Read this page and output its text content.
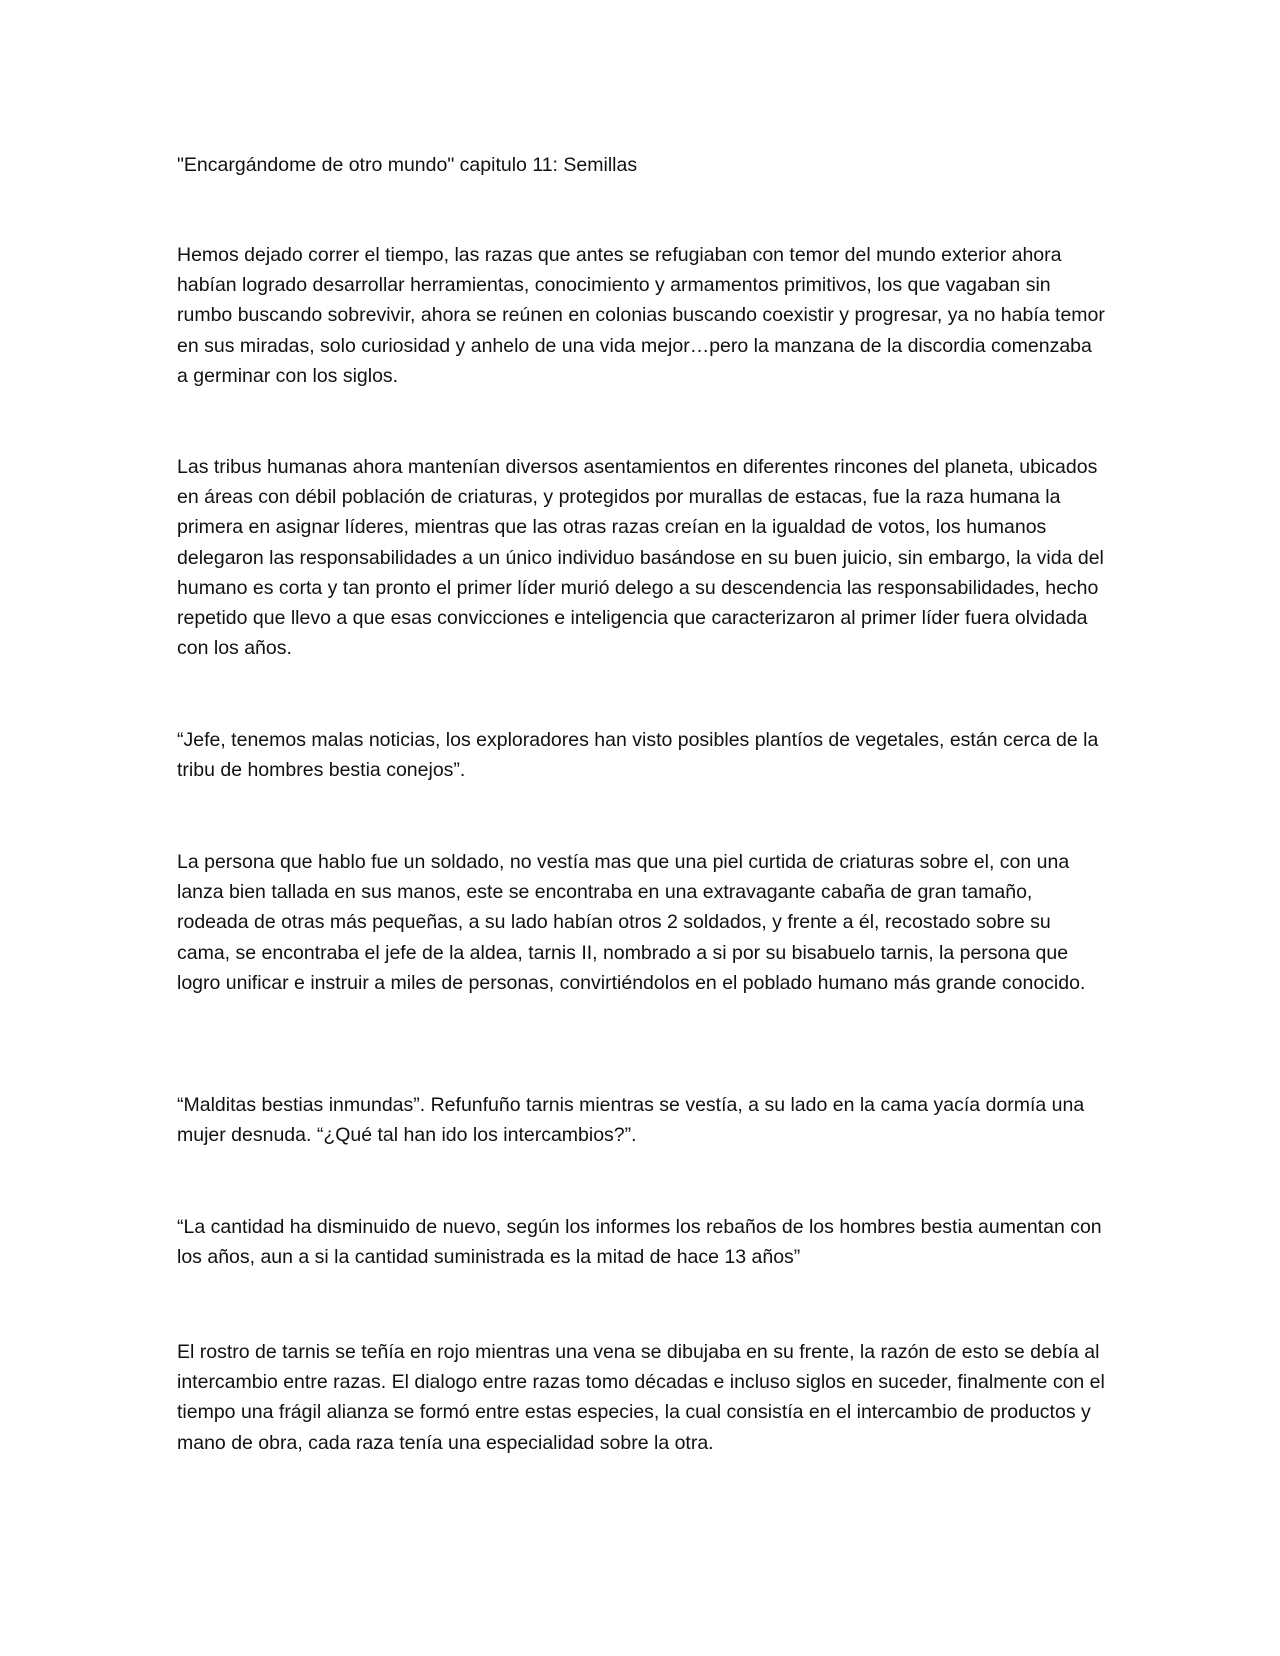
"Encargándome de otro mundo" capitulo 11: Semillas

Hemos dejado correr el tiempo, las razas que antes se refugiaban con temor del mundo exterior ahora habían logrado desarrollar herramientas, conocimiento y armamentos primitivos, los que vagaban sin rumbo buscando sobrevivir, ahora se reúnen en colonias buscando coexistir y progresar, ya no había temor en sus miradas, solo curiosidad y anhelo de una vida mejor…pero la manzana de la discordia comenzaba a germinar con los siglos.

Las tribus humanas ahora mantenían diversos asentamientos en diferentes rincones del planeta, ubicados en áreas con débil población de criaturas, y protegidos por murallas de estacas, fue la raza humana la primera en asignar líderes, mientras que las otras razas creían en la igualdad de votos, los humanos delegaron las responsabilidades a un único individuo basándose en su buen juicio, sin embargo, la vida del humano es corta y tan pronto el primer líder murió delego a su descendencia las responsabilidades, hecho repetido que llevo a que esas convicciones e inteligencia que caracterizaron al primer líder fuera olvidada con los años.

“Jefe, tenemos malas noticias, los exploradores han visto posibles plantíos de vegetales, están cerca de la tribu de hombres bestia conejos”.

La persona que hablo fue un soldado, no vestía mas que una piel curtida de criaturas sobre el, con una lanza bien tallada en sus manos, este se encontraba en una extravagante cabaña de gran tamaño, rodeada de otras más pequeñas, a su lado habían otros 2 soldados, y frente a él, recostado sobre su cama, se encontraba el jefe de la aldea, tarnis II, nombrado a si por su bisabuelo tarnis, la persona que logro unificar e instruir a miles de personas, convirtiéndolos en el poblado humano más grande conocido.

“Malditas bestias inmundas”. Refunfuño tarnis mientras se vestía, a su lado en la cama yacía dormía una mujer desnuda. “¿Qué tal han ido los intercambios?”.

“La cantidad ha disminuido de nuevo, según los informes los rebaños de los hombres bestia aumentan con los años, aun a si la cantidad suministrada es la mitad de hace 13 años”

El rostro de tarnis se teñía en rojo mientras una vena se dibujaba en su frente, la razón de esto se debía al intercambio entre razas. El dialogo entre razas tomo décadas e incluso siglos en suceder, finalmente con el tiempo una frágil alianza se formó entre estas especies, la cual consistía en el intercambio de productos y mano de obra, cada raza tenía una especialidad sobre la otra.
